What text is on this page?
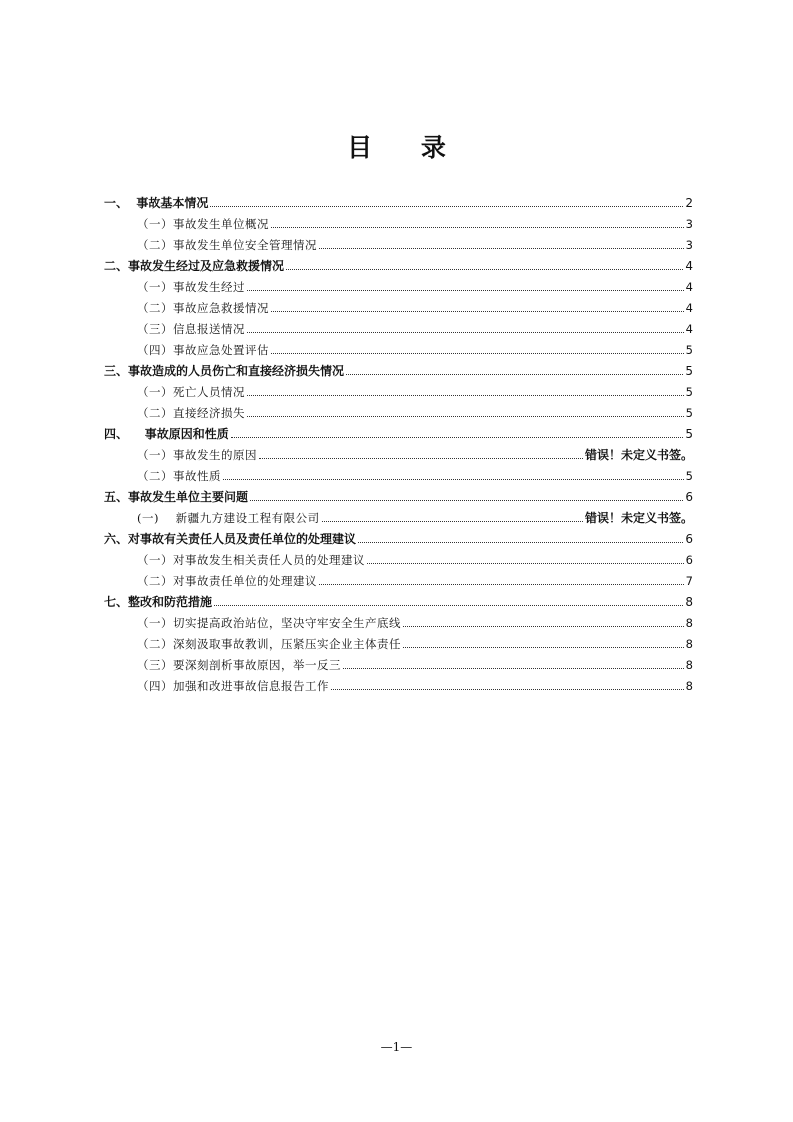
目 录
一、 事故基本情况	2
（一） 事故发生单位概况	3
（二） 事故发生单位安全管理情况	3
二、 事故发生经过及应急救援情况	4
（一） 事故发生经过	4
（二） 事故应急救援情况	4
（三） 信息报送情况	4
（四） 事故应急处置评估	5
三、 事故造成的人员伤亡和直接经济损失情况	5
（一） 死亡人员情况	5
（二） 直接经济损失	5
四、 事故原因和性质	5
（一） 事故发生的原因	错误！未定义书签。
（二） 事故性质	5
五、 事故发生单位主要问题	6
(一) 新疆九方建设工程有限公司	错误！未定义书签。
六、 对事故有关责任人员及责任单位的处理建议	6
（一） 对事故发生相关责任人员的处理建议	6
（二） 对事故责任单位的处理建议	7
七、 整改和防范措施	8
（一） 切实提高政治站位，坚决守牢安全生产底线	8
（二） 深刻汲取事故教训，压紧压实企业主体责任	8
（三） 要深刻剖析事故原因，举一反三	8
（四） 加强和改进事故信息报告工作	8
—1—
